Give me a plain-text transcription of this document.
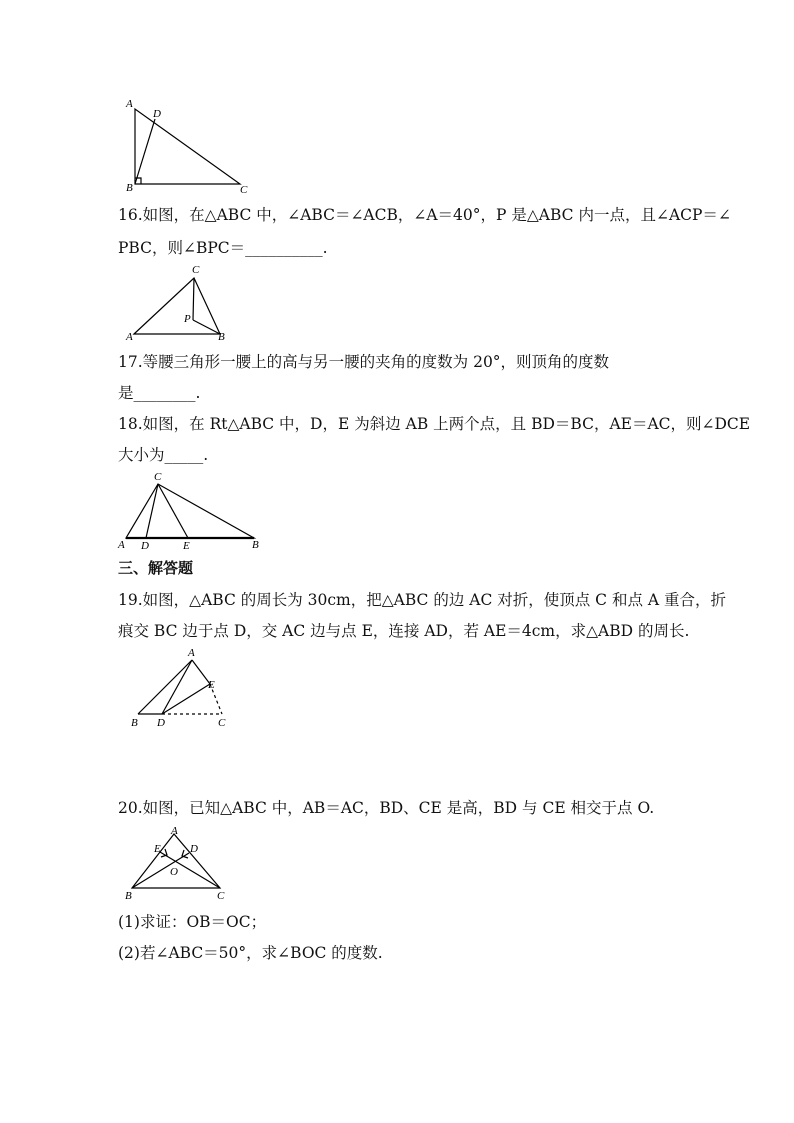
A
D
B	C
16.如图，在△ABC 中，∠ABC＝∠ACB，∠A＝40°，P 是△ABC 内一点，且∠ACP＝∠
PBC，则∠BPC＝__________.
C
P
A	B
17.等腰三角形一腰上的高与另一腰的夹角的度数为 20°，则顶角的度数
是________.
18.如图，在 Rt△ABC 中，D，E 为斜边 AB 上两个点，且 BD＝BC，AE＝AC，则∠DCE
大小为_____.
C
A D	E	B
三、解答题
19.如图，△ABC 的周长为 30cm，把△ABC 的边 AC 对折，使顶点 C 和点 A 重合，折
痕交 BC 边于点 D，交 AC 边与点 E，连接 AD，若 AE＝4cm，求△ABD 的周长.
A
E
B D	C
20.如图，已知△ABC 中，AB＝AC，BD、CE 是高，BD 与 CE 相交于点 O.
A
E	D
O
B	C
(1)求证：OB＝OC；
(2)若∠ABC＝50°，求∠BOC 的度数.
